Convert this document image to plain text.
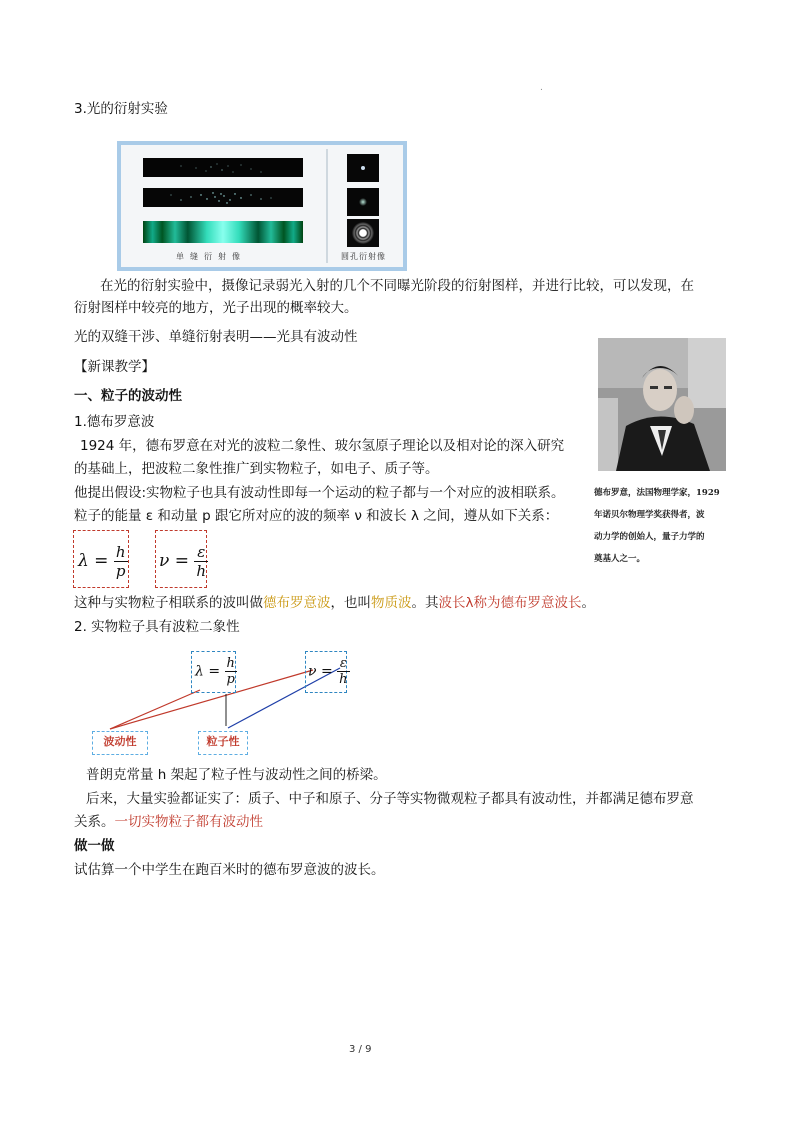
.
3.光的衍射实验
单缝衍射像	圆孔衍射像
在光的衍射实验中，摄像记录弱光入射的几个不同曝光阶段的衍射图样，并进行比较，可以发现，在
衍射图样中较亮的地方，光子出现的概率较大。
光的双缝干涉、单缝衍射表明——光具有波动性
【新课教学】
一、粒子的波动性
1.德布罗意波
1924 年，德布罗意在对光的波粒二象性、玻尔氢原子理论以及相对论的深入研究
的基础上，把波粒二象性推广到实物粒子，如电子、质子等。
他提出假设:实物粒子也具有波动性即每一个运动的粒子都与一个对应的波相联系。
粒子的能量 ε 和动量 p 跟它所对应的波的频率 ν 和波长 λ 之间，遵从如下关系：
德布罗意，法国物理学家，1929
年诺贝尔物理学奖获得者，波
动力学的创始人，量子力学的
奠基人之一。
$\lambda = \frac{h}{p}$ $\nu = \frac{\varepsilon}{h}$
这种与实物粒子相联系的波叫做德布罗意波，也叫物质波。其波长λ称为德布罗意波长。
2. 实物粒子具有波粒二象性
$\lambda = \frac{h}{p}$	$\nu = \frac{\varepsilon}{h}$
波动性	粒子性
普朗克常量 h 架起了粒子性与波动性之间的桥梁。
后来，大量实验都证实了：质子、中子和原子、分子等实物微观粒子都具有波动性，并都满足德布罗意
关系。一切实物粒子都有波动性
做一做
试估算一个中学生在跑百米时的德布罗意波的波长。
3 / 9
